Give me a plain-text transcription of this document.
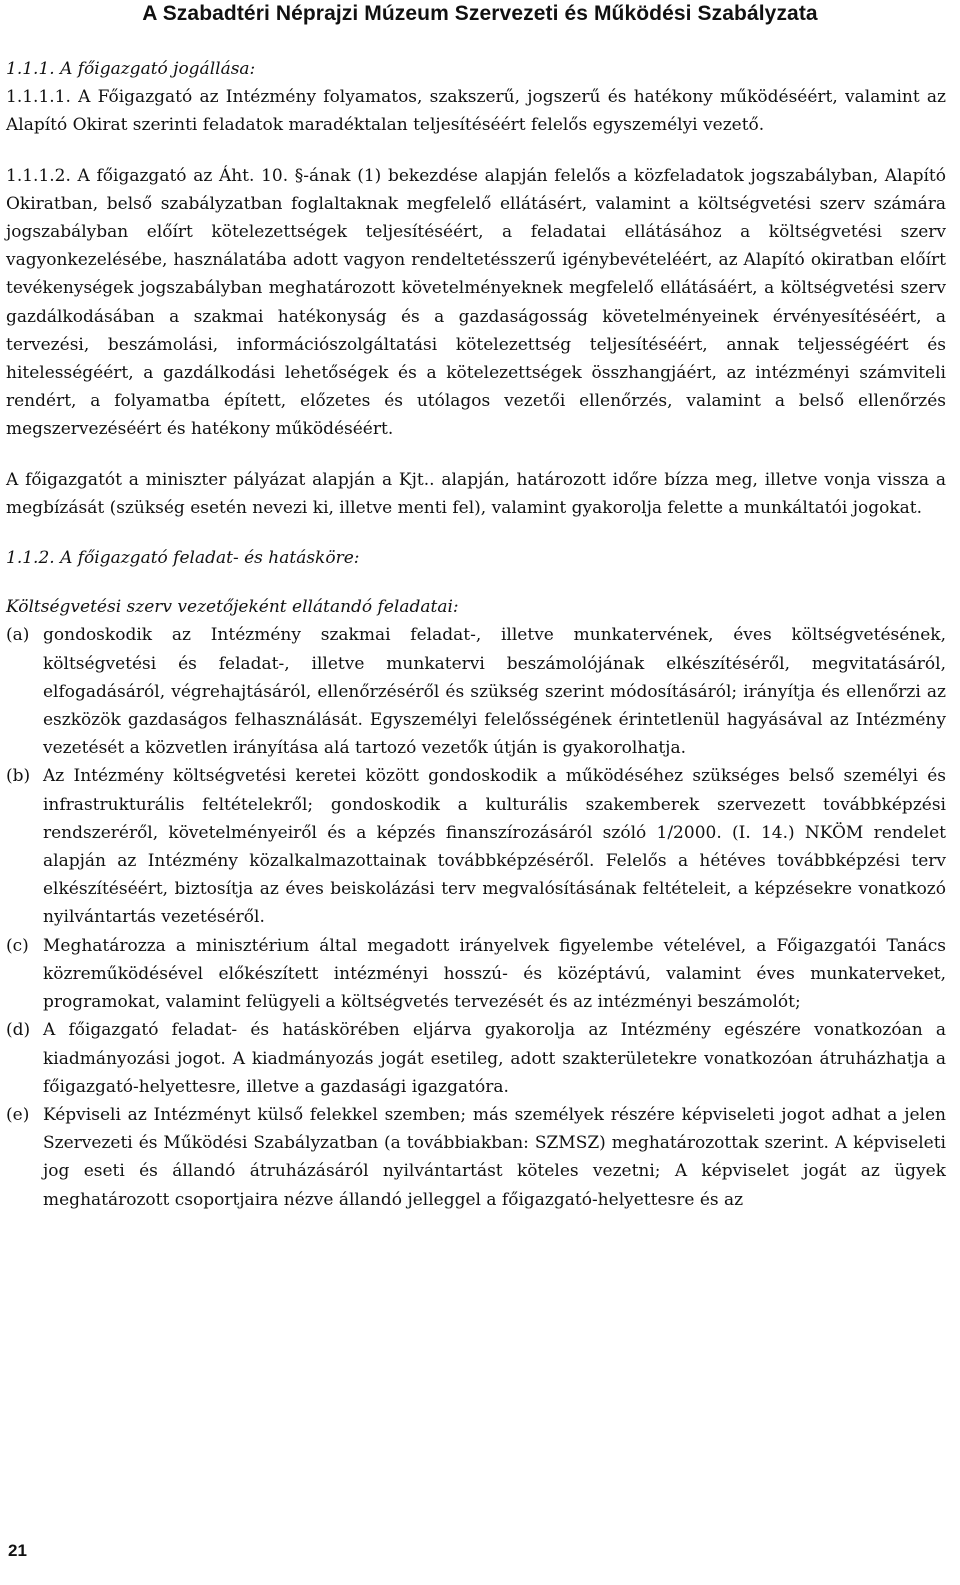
A Szabadtéri Néprajzi Múzeum Szervezeti és Működési Szabályzata

1.1.1. A főigazgató jogállása:

1.1.1.1. A Főigazgató az Intézmény folyamatos, szakszerű, jogszerű és hatékony működéséért, valamint az Alapító Okirat szerinti feladatok maradéktalan teljesítéséért felelős egyszemélyi vezető.

1.1.1.2. A főigazgató az Áht. 10. §-ának (1) bekezdése alapján felelős a közfeladatok jogszabályban, Alapító Okiratban, belső szabályzatban foglaltaknak megfelelő ellátásért, valamint a költségvetési szerv számára jogszabályban előírt kötelezettségek teljesítéséért, a feladatai ellátásához a költségvetési szerv vagyonkezelésébe, használatába adott vagyon rendeltetésszerű igénybevételéért, az Alapító okiratban előírt tevékenységek jogszabályban meghatározott követelményeknek megfelelő ellátásáért, a költségvetési szerv gazdálkodásában a szakmai hatékonyság és a gazdaságosság követelményeinek érvényesítéséért, a tervezési, beszámolási, információszolgáltatási kötelezettség teljesítéséért, annak teljességéért és hitelességéért, a gazdálkodási lehetőségek és a kötelezettségek összhangjáért, az intézményi számviteli rendért, a folyamatba épített, előzetes és utólagos vezetői ellenőrzés, valamint a belső ellenőrzés megszervezéséért és hatékony működéséért.

A főigazgatót a miniszter pályázat alapján a Kjt.. alapján, határozott időre bízza meg, illetve vonja vissza a megbízását (szükség esetén nevezi ki, illetve menti fel), valamint gyakorolja felette a munkáltatói jogokat.

1.1.2. A főigazgató feladat- és hatásköre:

Költségvetési szerv vezetőjeként ellátandó feladatai:

(a) gondoskodik az Intézmény szakmai feladat-, illetve munkatervének, éves költségvetésének, költségvetési és feladat-, illetve munkatervi beszámolójának elkészítéséről, megvitatásáról, elfogadásáról, végrehajtásáról, ellenőrzéséről és szükség szerint módosításáról; irányítja és ellenőrzi az eszközök gazdaságos felhasználását. Egyszemélyi felelősségének érintetlenül hagyásával az Intézmény vezetését a közvetlen irányítása alá tartozó vezetők útján is gyakorolhatja.
(b) Az Intézmény költségvetési keretei között gondoskodik a működéséhez szükséges belső személyi és infrastrukturális feltételekről; gondoskodik a kulturális szakemberek szervezett továbbképzési rendszeréről, követelményeiről és a képzés finanszírozásáról szóló 1/2000. (I. 14.) NKÖM rendelet alapján az Intézmény közalkalmazottainak továbbképzéséről. Felelős a hétéves továbbképzési terv elkészítéséért, biztosítja az éves beiskolázási terv megvalósításának feltételeit, a képzésekre vonatkozó nyilvántartás vezetéséről.
(c) Meghatározza a minisztérium által megadott irányelvek figyelembe vételével, a Főigazgatói Tanács közreműködésével előkészített intézményi hosszú- és középtávú, valamint éves munkaterveket, programokat, valamint felügyeli a költségvetés tervezését és az intézményi beszámolót;
(d) A főigazgató feladat- és hatáskörében eljárva gyakorolja az Intézmény egészére vonatkozóan a kiadmányozási jogot. A kiadmányozás jogát esetileg, adott szakterületekre vonatkozóan átruházhatja a főigazgató-helyettesre, illetve a gazdasági igazgatóra.
(e) Képviseli az Intézményt külső felekkel szemben; más személyek részére képviseleti jogot adhat a jelen Szervezeti és Működési Szabályzatban (a továbbiakban: SZMSZ) meghatározottak szerint. A képviseleti jog eseti és állandó átruházásáról nyilvántartást köteles vezetni; A képviselet jogát az ügyek meghatározott csoportjaira nézve állandó jelleggel a főigazgató-helyettesre és az
21
